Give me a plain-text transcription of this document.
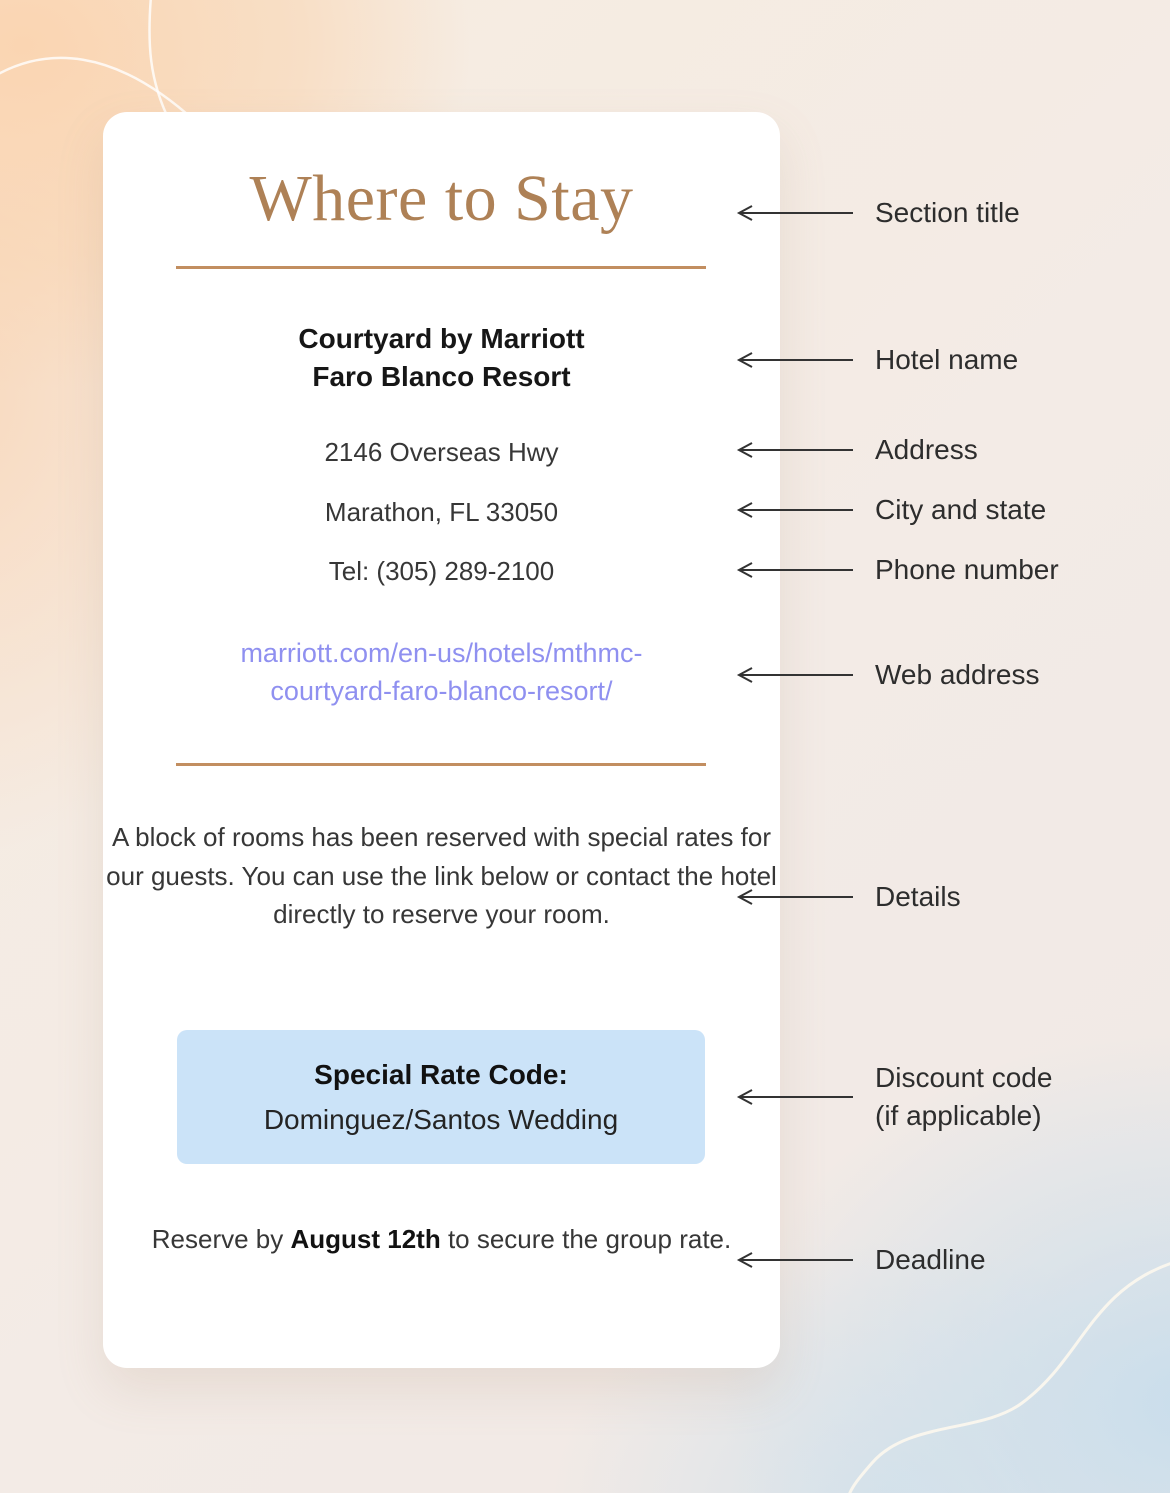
Where to Stay
Courtyard by Marriott
Faro Blanco Resort
2146 Overseas Hwy
Marathon, FL 33050
Tel: (305) 289-2100
marriott.com/en-us/hotels/mthmc-
courtyard-faro-blanco-resort/
A block of rooms has been reserved with special rates for our guests. You can use the link below or contact the hotel directly to reserve your room.
Special Rate Code:
Dominguez/Santos Wedding
Reserve by August 12th to secure the group rate.
Section title
Hotel name
Address
City and state
Phone number
Web address
Details
Discount code
(if applicable)
Deadline
